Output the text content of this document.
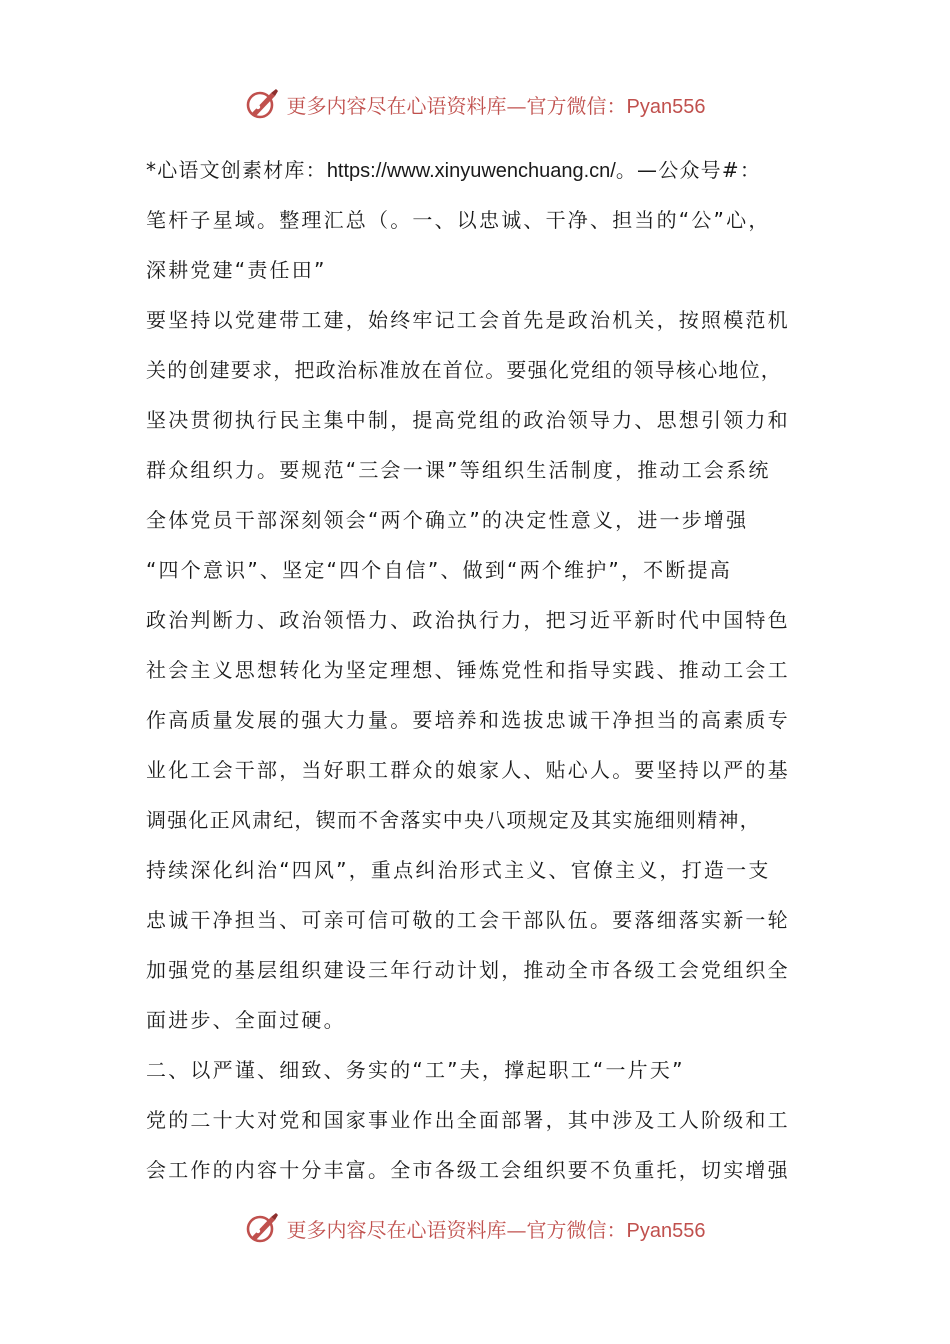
更多内容尽在心语资料库—官方微信：Pyan556
*心语文创素材库：https://www.xinyuwenchuang.cn/。—公众号#：
笔杆子星域。整理汇总（。一、以忠诚、干净、担当的“公”心，
深耕党建“责任田”
要坚持以党建带工建，始终牢记工会首先是政治机关，按照模范机
关的创建要求，把政治标准放在首位。要强化党组的领导核心地位，
坚决贯彻执行民主集中制，提高党组的政治领导力、思想引领力和
群众组织力。要规范“三会一课”等组织生活制度，推动工会系统
全体党员干部深刻领会“两个确立”的决定性意义，进一步增强
“四个意识”、坚定“四个自信”、做到“两个维护”，不断提高
政治判断力、政治领悟力、政治执行力，把习近平新时代中国特色
社会主义思想转化为坚定理想、锤炼党性和指导实践、推动工会工
作高质量发展的强大力量。要培养和选拔忠诚干净担当的高素质专
业化工会干部，当好职工群众的娘家人、贴心人。要坚持以严的基
调强化正风肃纪，锲而不舍落实中央八项规定及其实施细则精神，
持续深化纠治“四风”，重点纠治形式主义、官僚主义，打造一支
忠诚干净担当、可亲可信可敬的工会干部队伍。要落细落实新一轮
加强党的基层组织建设三年行动计划，推动全市各级工会党组织全
面进步、全面过硬。
二、以严谨、细致、务实的“工”夫，撑起职工“一片天”
党的二十大对党和国家事业作出全面部署，其中涉及工人阶级和工
会工作的内容十分丰富。全市各级工会组织要不负重托，切实增强
更多内容尽在心语资料库—官方微信：Pyan556
